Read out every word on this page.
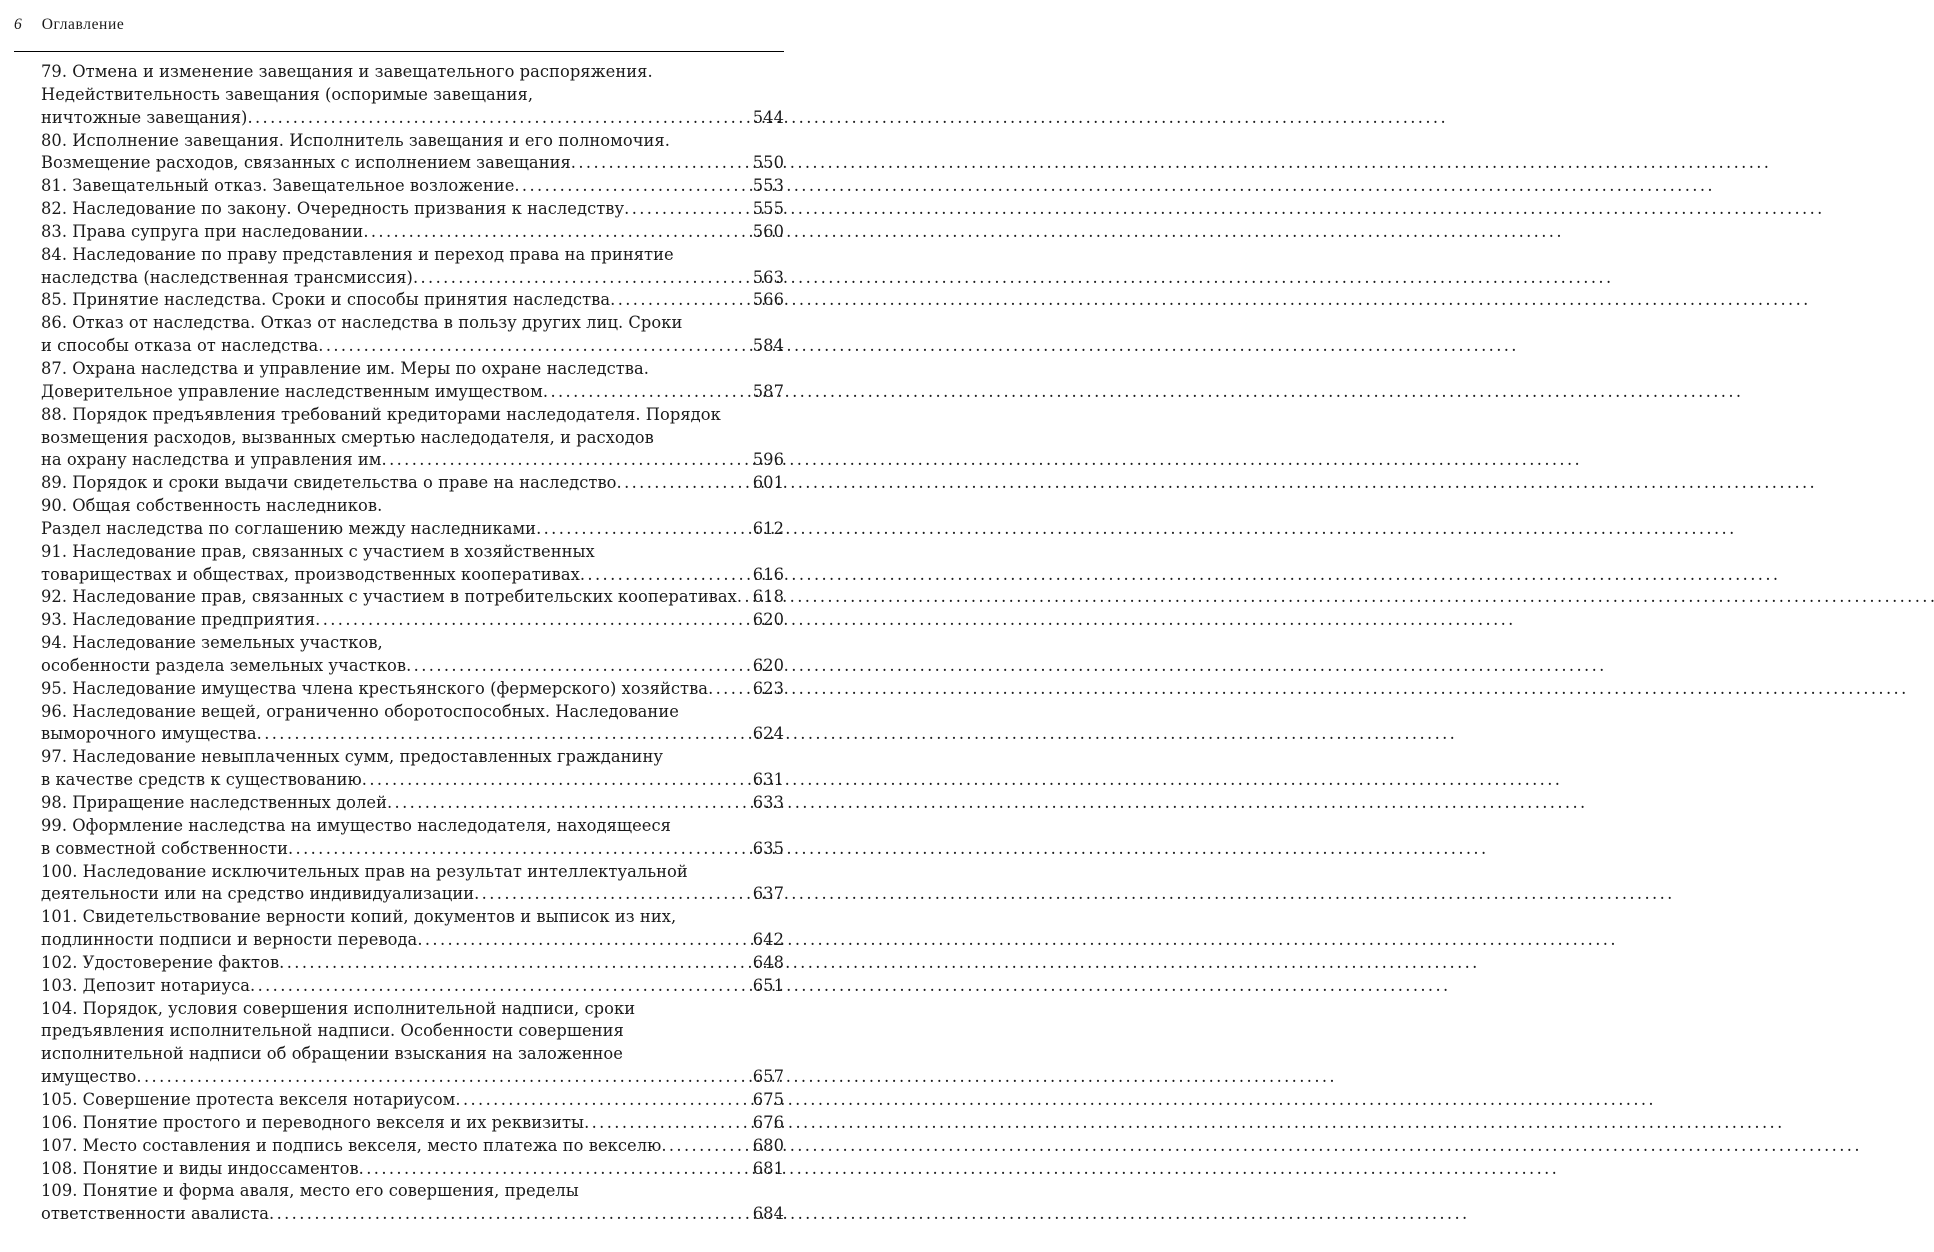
6 Оглавление
79. Отмена и изменение завещания и завещательного распоряжения.
Недействительность завещания (оспоримые завещания,
ничтожные завещания) . . .	544
80. Исполнение завещания. Исполнитель завещания и его полномочия.
Возмещение расходов, связанных с исполнением завещания . . .	550
81. Завещательный отказ. Завещательное возложение . . .	553
82. Наследование по закону. Очередность призвания к наследству . . .	555
83. Права супруга при наследовании . . .	560
84. Наследование по праву представления и переход права на принятие
наследства (наследственная трансмиссия) . . .	563
85. Принятие наследства. Сроки и способы принятия наследства . . .	566
86. Отказ от наследства. Отказ от наследства в пользу других лиц. Сроки
и способы отказа от наследства . . .	584
87. Охрана наследства и управление им. Меры по охране наследства.
Доверительное управление наследственным имуществом . . .	587
88. Порядок предъявления требований кредиторами наследодателя. Порядок
возмещения расходов, вызванных смертью наследодателя, и расходов
на охрану наследства и управления им . . .	596
89. Порядок и сроки выдачи свидетельства о праве на наследство . . .	601
90. Общая собственность наследников.
Раздел наследства по соглашению между наследниками . . .	612
91. Наследование прав, связанных с участием в хозяйственных
товариществах и обществах, производственных кооперативах . . .	616
92. Наследование прав, связанных с участием в потребительских кооперативах . . . 618
93. Наследование предприятия . . .	620
94. Наследование земельных участков,
особенности раздела земельных участков . . .	620
95. Наследование имущества члена крестьянского (фермерского) хозяйства . . .	623
96. Наследование вещей, ограниченно оборотоспособных. Наследование
выморочного имущества . . .	624
97. Наследование невыплаченных сумм, предоставленных гражданину
в качестве средств к существованию . . .	631
98. Приращение наследственных долей . . .	633
99. Оформление наследства на имущество наследодателя, находящееся
в совместной собственности . . .	635
100. Наследование исключительных прав на результат интеллектуальной
деятельности или на средство индивидуализации . . .	637
101. Свидетельствование верности копий, документов и выписок из них,
подлинности подписи и верности перевода . . .	642
102. Удостоверение фактов . . .	648
103. Депозит нотариуса . . .	651
104. Порядок, условия совершения исполнительной надписи, сроки
предъявления исполнительной надписи. Особенности совершения
исполнительной надписи об обращении взыскания на заложенное
имущество . . .	657
105. Совершение протеста векселя нотариусом . . .	675
106. Понятие простого и переводного векселя и их реквизиты . . .	676
107. Место составления и подпись векселя, место платежа по векселю . . .	680
108. Понятие и виды индоссаментов . . .	681
109. Понятие и форма аваля, место его совершения, пределы
ответственности авалиста . . .	684
